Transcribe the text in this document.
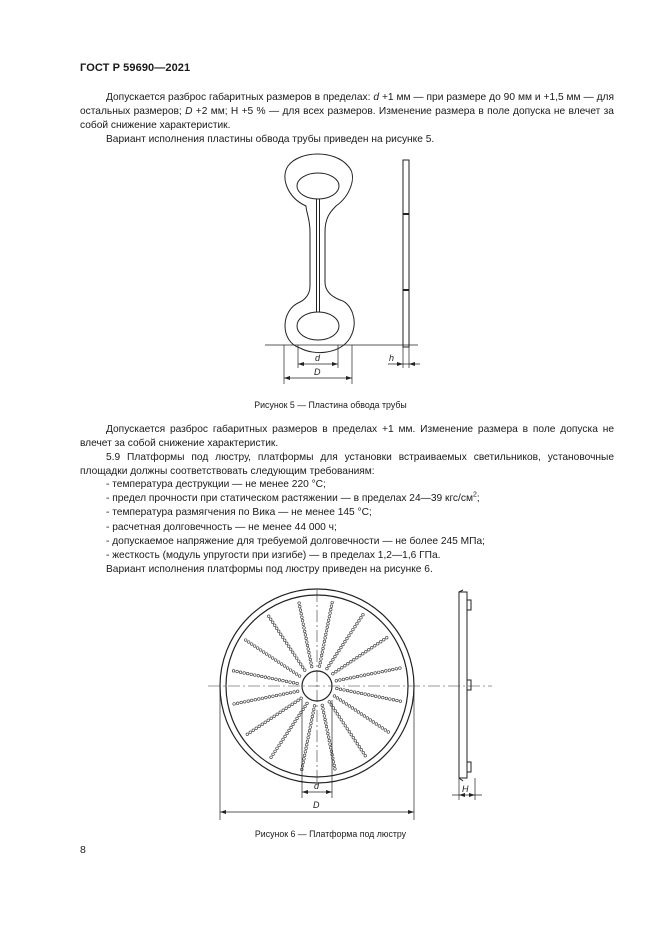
ГОСТ Р 59690—2021

Допускается разброс габаритных размеров в пределах: d +1 мм — при размере до 90 мм и +1,5 мм — для остальных размеров; D +2 мм; Н +5 % — для всех размеров. Изменение размера в поле допуска не влечет за собой снижение характеристик.

Вариант исполнения пластины обвода трубы приведен на рисунке 5.

d
D
h
Рисунок 5 — Пластина обвода трубы

Допускается разброс габаритных размеров в пределах +1 мм. Изменение размера в поле допуска не влечет за собой снижение характеристик.

5.9 Платформы под люстру, платформы для установки встраиваемых светильников, установочные площадки должны соответствовать следующим требованиям:

- температура деструкции — не менее 220 °С;
- предел прочности при статическом растяжении — в пределах 24—39 кгс/$см^2$;
- температура размягчения по Вика — не менее 145 °С;
- расчетная долговечность — не менее 44 000 ч;
- допускаемое напряжение для требуемой долговечности — не более 245 МПа;
- жесткость (модуль упругости при изгибе) — в пределах 1,2—1,6 ГПа.

Вариант исполнения платформы под люстру приведен на рисунке 6.

d
D
H
Рисунок 6 — Платформа под люстру
8
